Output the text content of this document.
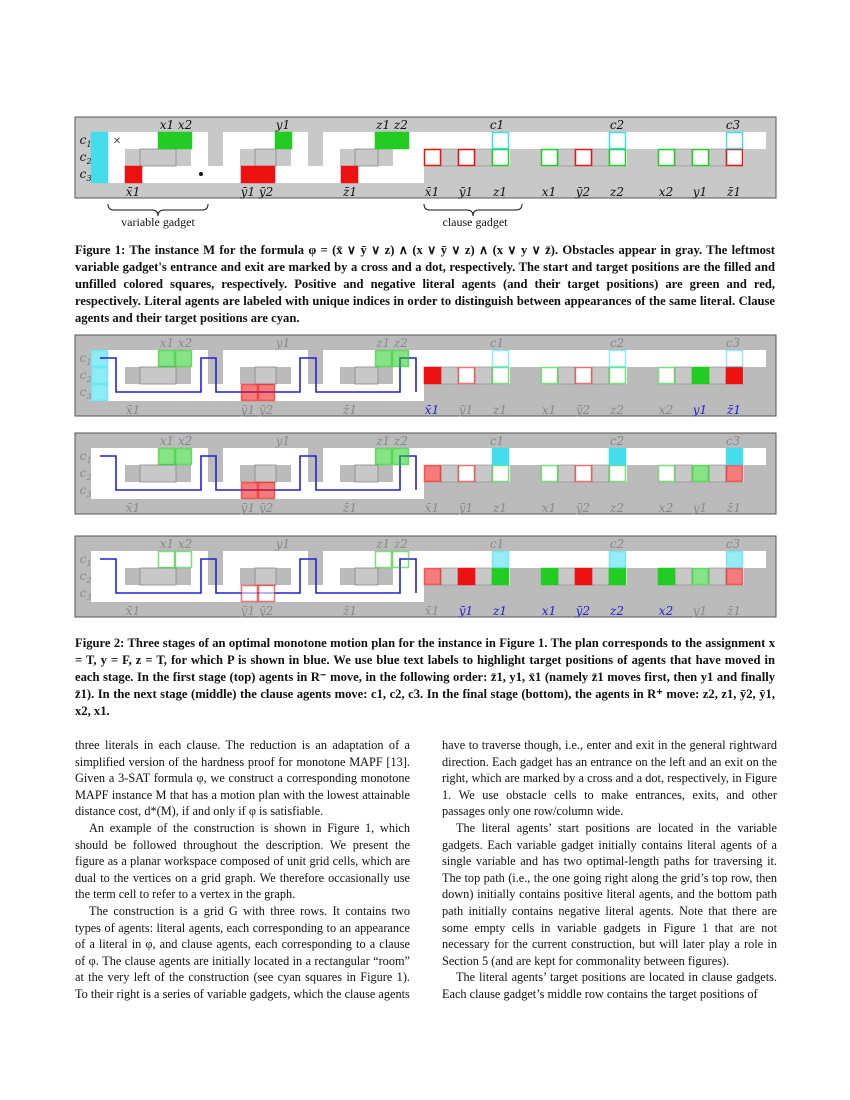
×
c 1
c 2
c 3
x1 x2	y1	z1 z2	c1	c2	c3
x̄1	ȳ1 ȳ2	z̄1	x̄1 ȳ1 z1	x1 ȳ2 z2	x2 y1 z̄1
variable gadget	clause gadget
Figure 1: The instance M for the formula φ = (x̄ ∨ ȳ ∨ z) ∧ (x ∨ ȳ ∨ z) ∧ (x ∨ y ∨ z̄). Obstacles appear in gray. The leftmost variable gadget's entrance and exit are marked by a cross and a dot, respectively. The start and target positions are the filled and unfilled colored squares, respectively. Positive and negative literal agents (and their target positions) are green and red, respectively. Literal agents are labeled with unique indices in order to distinguish between appearances of the same literal. Clause agents and their target positions are cyan.
c 1
c 2
c 3
x1 x2	y1	z1 z2	c1	c2	c3
x̄1	ȳ1 ȳ2	z̄1	x̄1 ȳ1 z1	x1 ȳ2 z2	x2 y1 z̄1
c 1
c 2
c 3
x1 x2	y1	z1 z2	c1	c2	c3
x̄1	ȳ1 ȳ2	z̄1	x̄1 ȳ1 z1	x1 ȳ2 z2	x2 y1 z̄1
c 1
c 2
c 3
x1 x2	y1	z1 z2	c1	c2	c3
x̄1	ȳ1 ȳ2	z̄1	x̄1 ȳ1 z1	x1 ȳ2 z2	x2 y1 z̄1
Figure 2: Three stages of an optimal monotone motion plan for the instance in Figure 1. The plan corresponds to the assignment x = T, y = F, z = T, for which P is shown in blue. We use blue text labels to highlight target positions of agents that have moved in each stage. In the first stage (top) agents in R⁻ move, in the following order: z̄1, y1, x̄1 (namely z̄1 moves first, then y1 and finally z̄1). In the next stage (middle) the clause agents move: c1, c2, c3. In the final stage (bottom), the agents in R⁺ move: z2, z1, ȳ2, ȳ1, x2, x1.

three literals in each clause. The reduction is an adaptation of a simplified version of the hardness proof for monotone MAPF [13]. Given a 3-SAT formula φ, we construct a corresponding monotone MAPF instance M that has a motion plan with the lowest attainable distance cost, d*(M), if and only if φ is satisfiable.

An example of the construction is shown in Figure 1, which should be followed throughout the description. We present the figure as a planar workspace composed of unit grid cells, which are dual to the vertices on a grid graph. We therefore occasionally use the term cell to refer to a vertex in the graph.

The construction is a grid G with three rows. It contains two types of agents: literal agents, each corresponding to an appearance of a literal in φ, and clause agents, each corresponding to a clause of φ. The clause agents are initially located in a rectangular “room” at the very left of the construction (see cyan squares in Figure 1). To their right is a series of variable gadgets, which the clause agents

have to traverse though, i.e., enter and exit in the general rightward direction. Each gadget has an entrance on the left and an exit on the right, which are marked by a cross and a dot, respectively, in Figure 1. We use obstacle cells to make entrances, exits, and other passages only one row/column wide.

The literal agents’ start positions are located in the variable gadgets. Each variable gadget initially contains literal agents of a single variable and has two optimal-length paths for traversing it. The top path (i.e., the one going right along the grid’s top row, then down) initially contains positive literal agents, and the bottom path path initially contains negative literal agents. Note that there are some empty cells in variable gadgets in Figure 1 that are not necessary for the current construction, but will later play a role in Section 5 (and are kept for commonality between figures).

The literal agents’ target positions are located in clause gadgets. Each clause gadget’s middle row contains the target positions of
